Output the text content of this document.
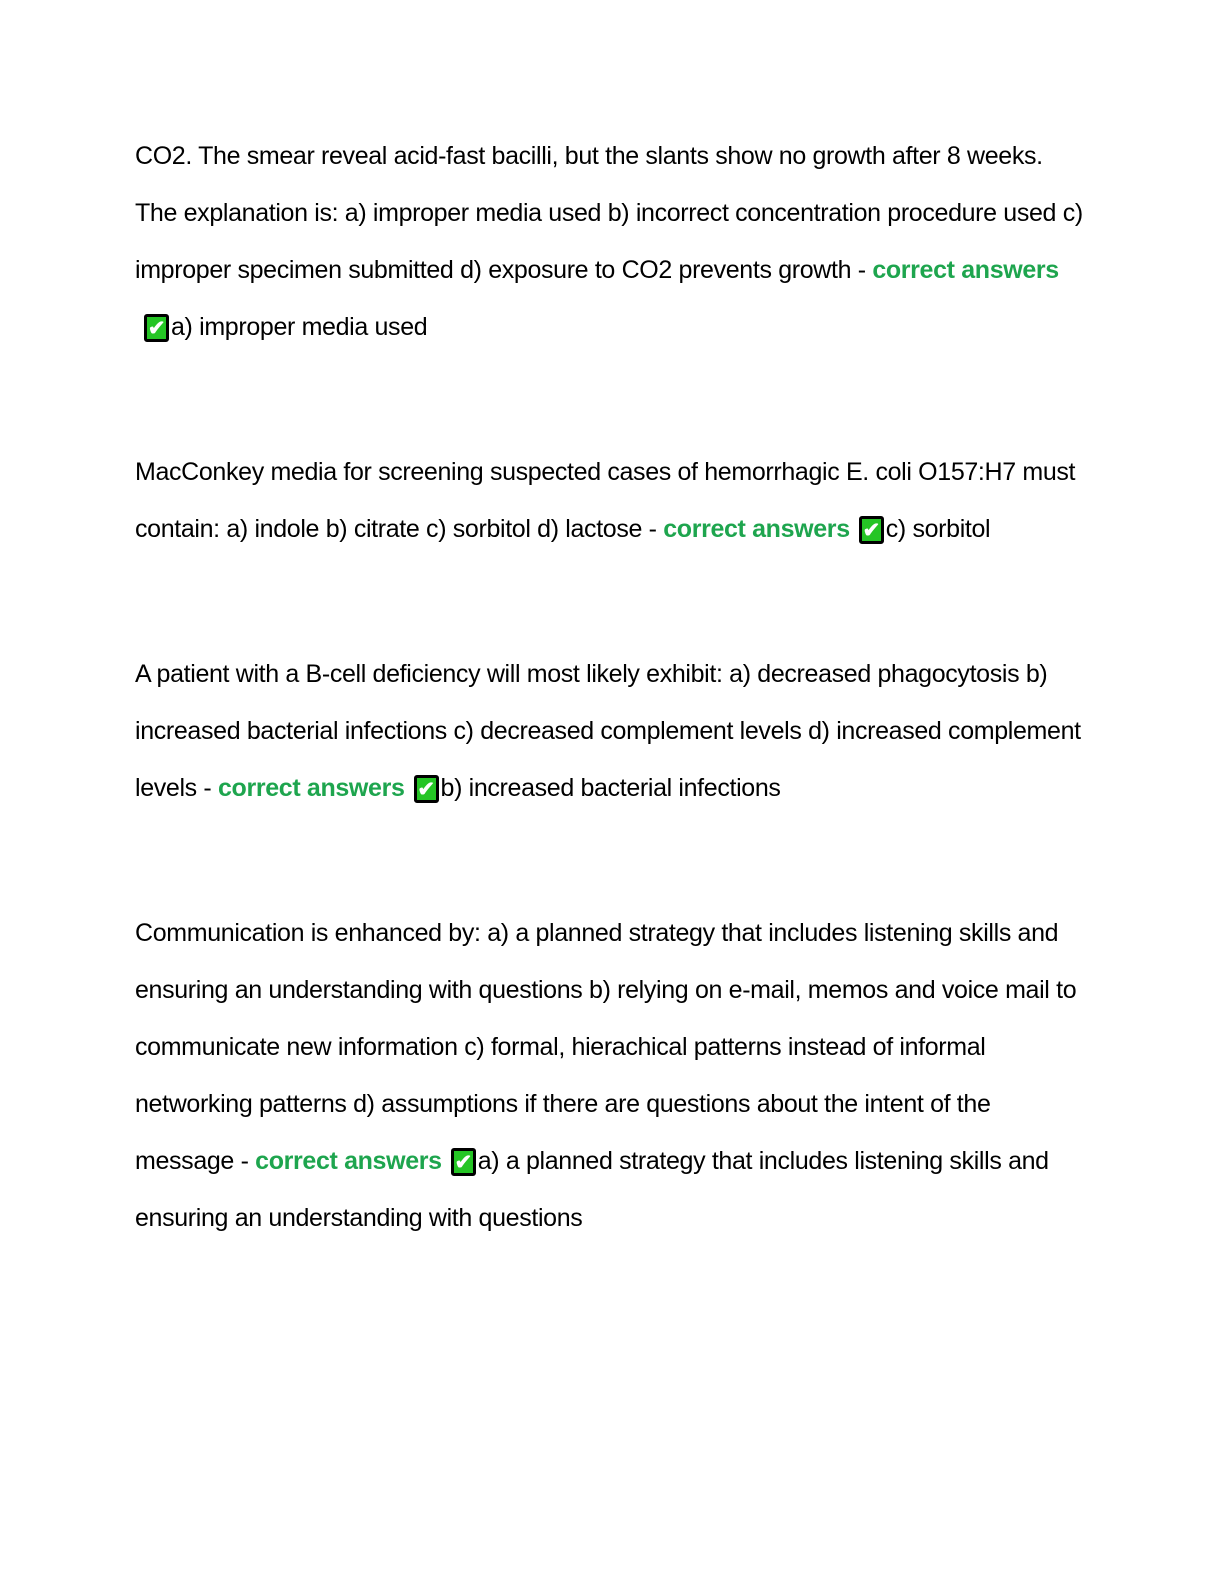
CO2. The smear reveal acid-fast bacilli, but the slants show no growth after 8 weeks. The explanation is: a) improper media used b) incorrect concentration procedure used c) improper specimen submitted d) exposure to CO2 prevents growth - correct answers✔ a) improper media used

MacConkey media for screening suspected cases of hemorrhagic E. coli O157:H7 must contain: a) indole b) citrate c) sorbitol d) lactose - correct answers ✔ c) sorbitol

A patient with a B-cell deficiency will most likely exhibit: a) decreased phagocytosis b) increased bacterial infections c) decreased complement levels d) increased complement levels - correct answers ✔ b) increased bacterial infections

Communication is enhanced by: a) a planned strategy that includes listening skills and ensuring an understanding with questions b) relying on e-mail, memos and voice mail to communicate new information c) formal, hierachical patterns instead of informal networking patterns d) assumptions if there are questions about the intent of the message - correct answers ✔ a) a planned strategy that includes listening skills and ensuring an understanding with questions
